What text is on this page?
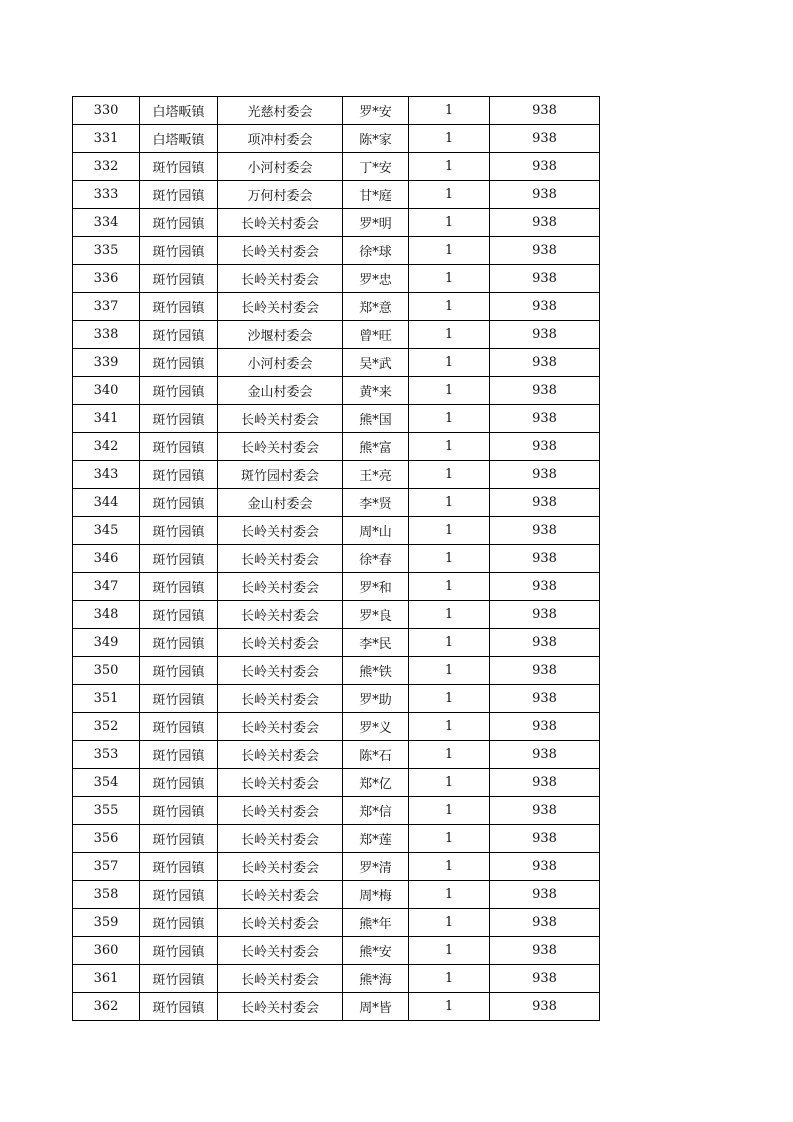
330	白塔畈镇	光慈村委会	罗*安	1	938
331	白塔畈镇	项冲村委会	陈*家	1	938
332	斑竹园镇	小河村委会	丁*安	1	938
333	斑竹园镇	万何村委会	甘*庭	1	938
334	斑竹园镇	长岭关村委会	罗*明	1	938
335	斑竹园镇	长岭关村委会	徐*球	1	938
336	斑竹园镇	长岭关村委会	罗*忠	1	938
337	斑竹园镇	长岭关村委会	郑*意	1	938
338	斑竹园镇	沙堰村委会	曾*旺	1	938
339	斑竹园镇	小河村委会	吴*武	1	938
340	斑竹园镇	金山村委会	黄*来	1	938
341	斑竹园镇	长岭关村委会	熊*国	1	938
342	斑竹园镇	长岭关村委会	熊*富	1	938
343	斑竹园镇	斑竹园村委会	王*亮	1	938
344	斑竹园镇	金山村委会	李*贤	1	938
345	斑竹园镇	长岭关村委会	周*山	1	938
346	斑竹园镇	长岭关村委会	徐*春	1	938
347	斑竹园镇	长岭关村委会	罗*和	1	938
348	斑竹园镇	长岭关村委会	罗*良	1	938
349	斑竹园镇	长岭关村委会	李*民	1	938
350	斑竹园镇	长岭关村委会	熊*铁	1	938
351	斑竹园镇	长岭关村委会	罗*助	1	938
352	斑竹园镇	长岭关村委会	罗*义	1	938
353	斑竹园镇	长岭关村委会	陈*石	1	938
354	斑竹园镇	长岭关村委会	郑*亿	1	938
355	斑竹园镇	长岭关村委会	郑*信	1	938
356	斑竹园镇	长岭关村委会	郑*莲	1	938
357	斑竹园镇	长岭关村委会	罗*清	1	938
358	斑竹园镇	长岭关村委会	周*梅	1	938
359	斑竹园镇	长岭关村委会	熊*年	1	938
360	斑竹园镇	长岭关村委会	熊*安	1	938
361	斑竹园镇	长岭关村委会	熊*海	1	938
362	斑竹园镇	长岭关村委会	周*皆	1	938
